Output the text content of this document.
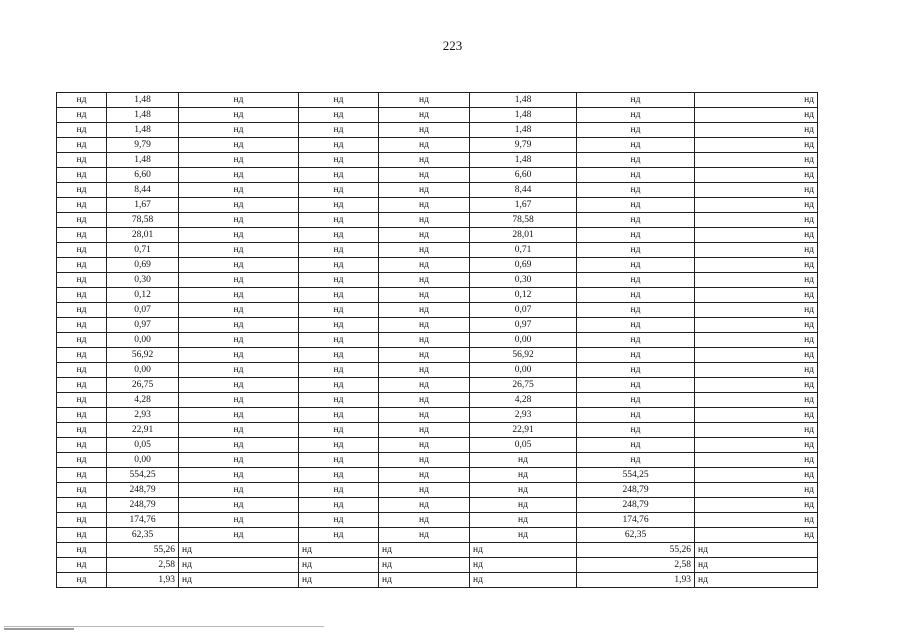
223
нд	1,48	нд	нд	нд	1,48	нд	нд
нд	1,48	нд	нд	нд	1,48	нд	нд
нд	1,48	нд	нд	нд	1,48	нд	нд
нд	9,79	нд	нд	нд	9,79	нд	нд
нд	1,48	нд	нд	нд	1,48	нд	нд
нд	6,60	нд	нд	нд	6,60	нд	нд
нд	8,44	нд	нд	нд	8,44	нд	нд
нд	1,67	нд	нд	нд	1,67	нд	нд
нд	78,58	нд	нд	нд	78,58	нд	нд
нд	28,01	нд	нд	нд	28,01	нд	нд
нд	0,71	нд	нд	нд	0,71	нд	нд
нд	0,69	нд	нд	нд	0,69	нд	нд
нд	0,30	нд	нд	нд	0,30	нд	нд
нд	0,12	нд	нд	нд	0,12	нд	нд
нд	0,07	нд	нд	нд	0,07	нд	нд
нд	0,97	нд	нд	нд	0,97	нд	нд
нд	0,00	нд	нд	нд	0,00	нд	нд
нд	56,92	нд	нд	нд	56,92	нд	нд
нд	0,00	нд	нд	нд	0,00	нд	нд
нд	26,75	нд	нд	нд	26,75	нд	нд
нд	4,28	нд	нд	нд	4,28	нд	нд
нд	2,93	нд	нд	нд	2,93	нд	нд
нд	22,91	нд	нд	нд	22,91	нд	нд
нд	0,05	нд	нд	нд	0,05	нд	нд
нд	0,00	нд	нд	нд	нд	нд	нд
нд	554,25	нд	нд	нд	нд	554,25	нд
нд	248,79	нд	нд	нд	нд	248,79	нд
нд	248,79	нд	нд	нд	нд	248,79	нд
нд	174,76	нд	нд	нд	нд	174,76	нд
нд	62,35	нд	нд	нд	нд	62,35	нд
нд	55,26	нд	нд	нд	нд	55,26	нд
нд	2,58	нд	нд	нд	нд	2,58	нд
нд	1,93	нд	нд	нд	нд	1,93	нд
